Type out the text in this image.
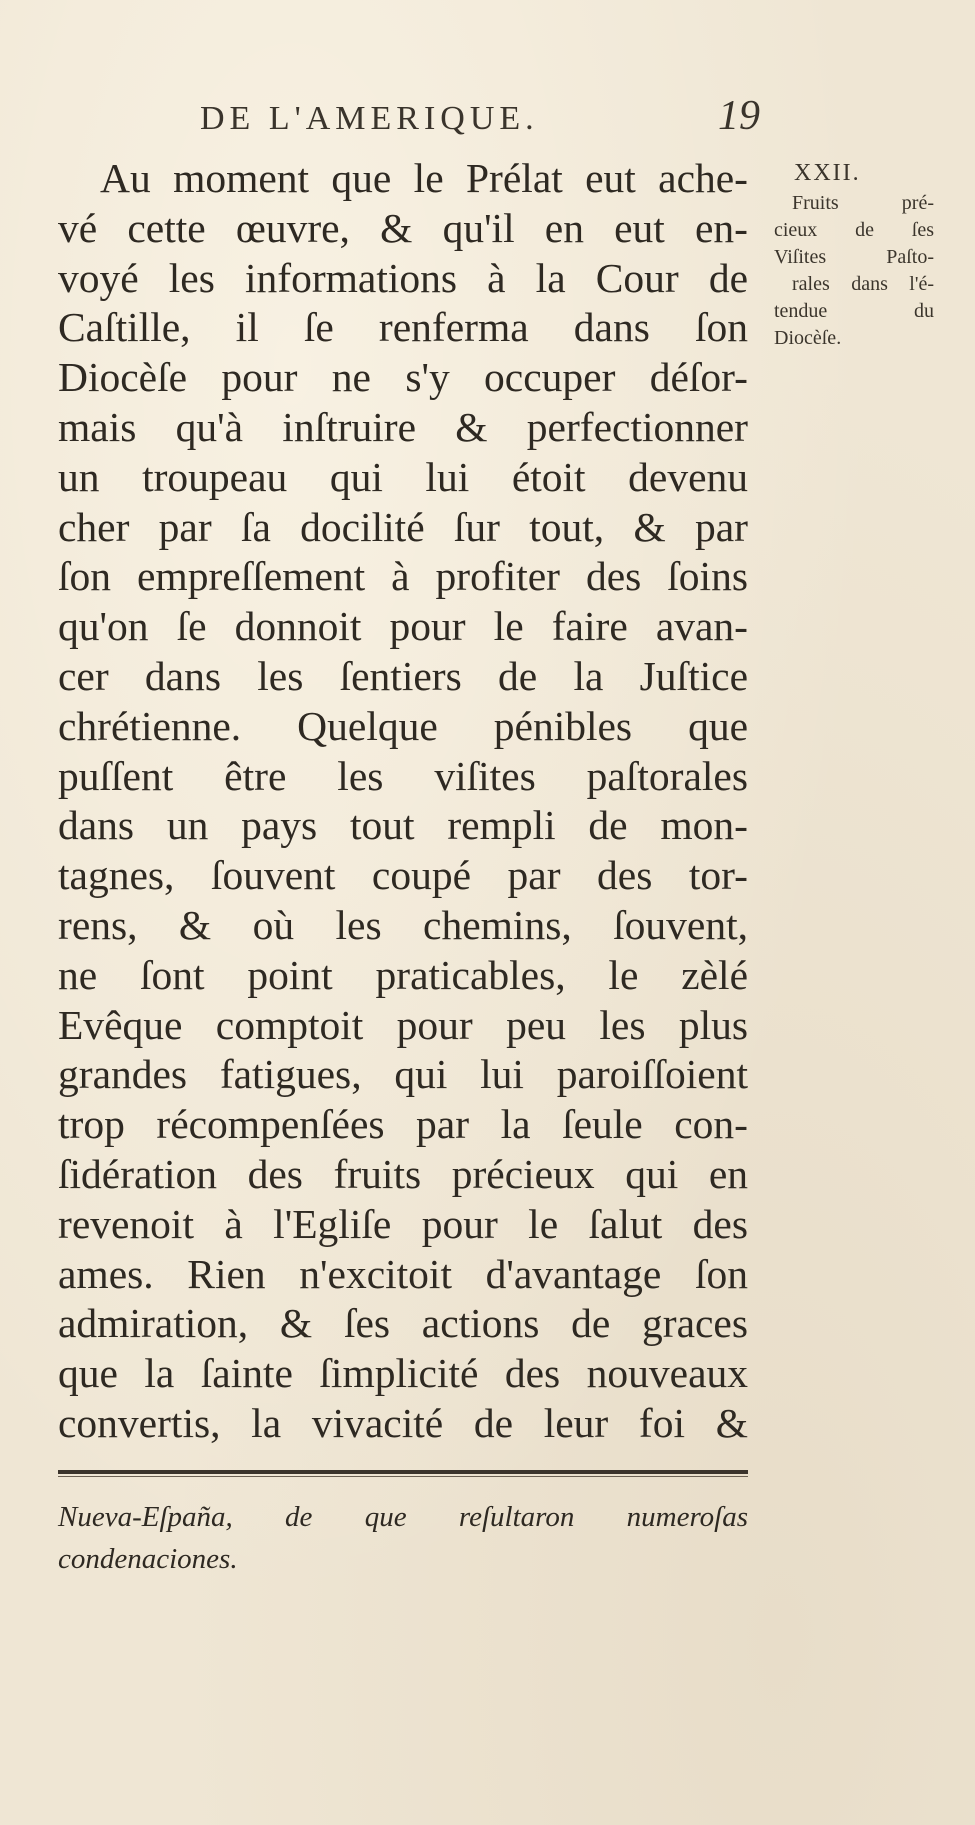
DE L'AMERIQUE.	19
Au moment que le Prélat eut ache-
vé cette œuvre, & qu'il en eut en-
voyé les informations à la Cour de
Caſtille, il ſe renferma dans ſon
Diocèſe pour ne s'y occuper déſor-
mais qu'à inſtruire & perfectionner
un troupeau qui lui étoit devenu
cher par ſa docilité ſur tout, & par
ſon empreſſement à profiter des ſoins
qu'on ſe donnoit pour le faire avan-
cer dans les ſentiers de la Juſtice
chrétienne. Quelque pénibles que
puſſent être les viſites paſtorales
dans un pays tout rempli de mon-
tagnes, ſouvent coupé par des tor-
rens, & où les chemins, ſouvent,
ne ſont point praticables, le zèlé
Evêque comptoit pour peu les plus
grandes fatigues, qui lui paroiſſoient
trop récompenſées par la ſeule con-
ſidération des fruits précieux qui en
revenoit à l'Egliſe pour le ſalut des
ames. Rien n'excitoit d'avantage ſon
admiration, & ſes actions de graces
que la ſainte ſimplicité des nouveaux
convertis, la vivacité de leur foi &
XXII.
Fruits pré-
cieux de ſes
Viſites Paſto-
rales dans l'é-
tendue du
Diocèſe.
Nueva-Eſpaña, de que reſultaron numeroſas
condenaciones.
